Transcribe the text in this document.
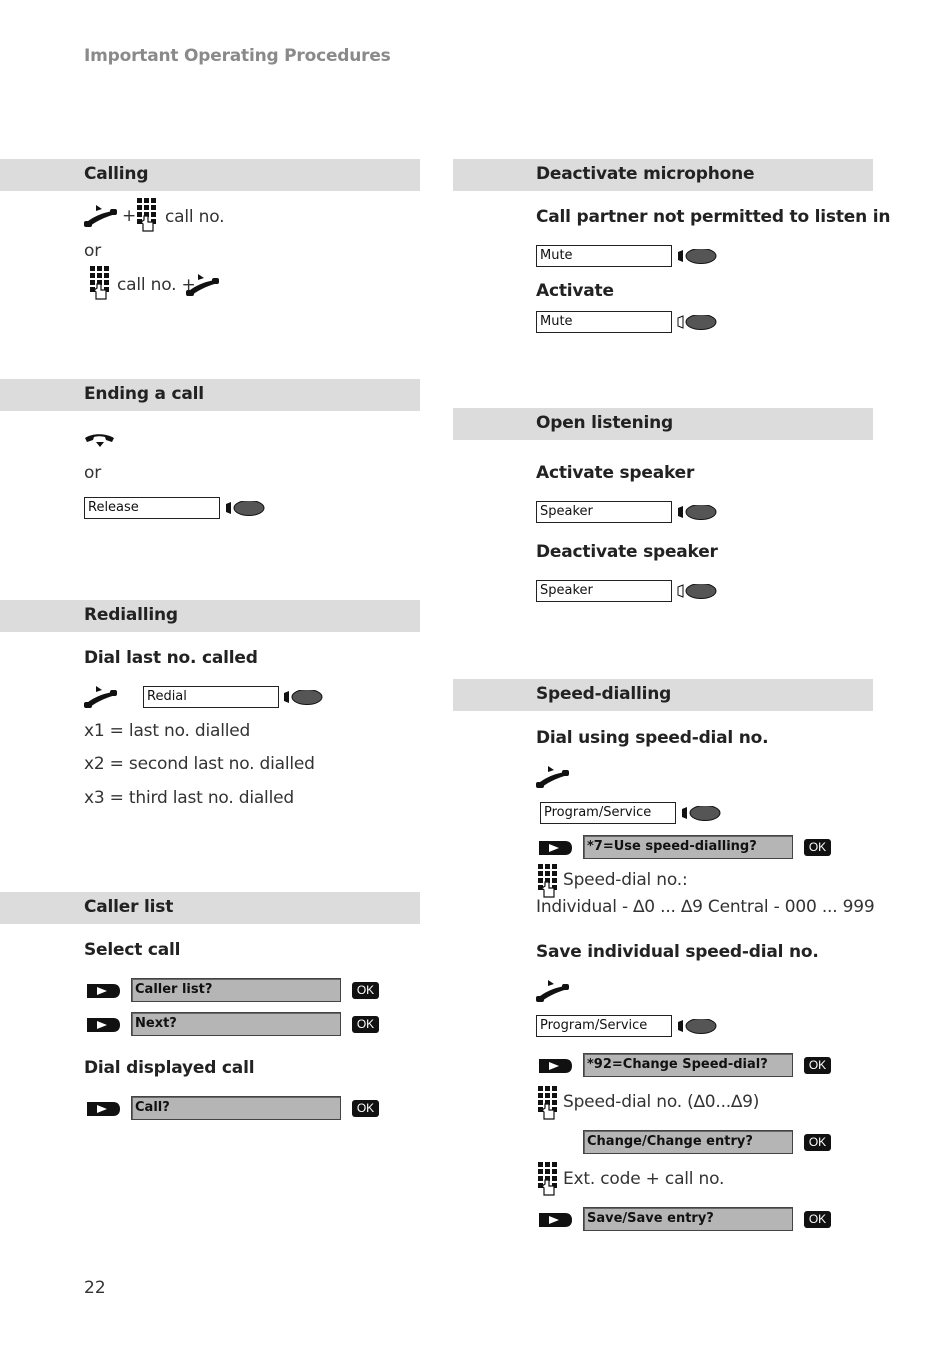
Important Operating Procedures
Calling
+ call no.
or
call no. +
Ending a call
or
Release
Redialling
Dial last no. called
Redial
x1 = last no. dialled
x2 = second last no. dialled
x3 = third last no. dialled
Caller list
Select call
Caller list?	OK
Next?	OK
Dial displayed call
Call?	OK
Deactivate microphone
Call partner not permitted to listen in
Mute
Activate
Mute
Open listening
Activate speaker
Speaker
Deactivate speaker
Speaker
Speed-dialling
Dial using speed-dial no.
Program/Service
*7=Use speed-dialling?	OK
Speed-dial no.:
Individual - ∆0 ... ∆9 Central - 000 ... 999
Save individual speed-dial no.
Program/Service
*92=Change Speed-dial?	OK
Speed-dial no. (∆0...∆9)
Change/Change entry?	OK
Ext. code + call no.
Save/Save entry?	OK
22
